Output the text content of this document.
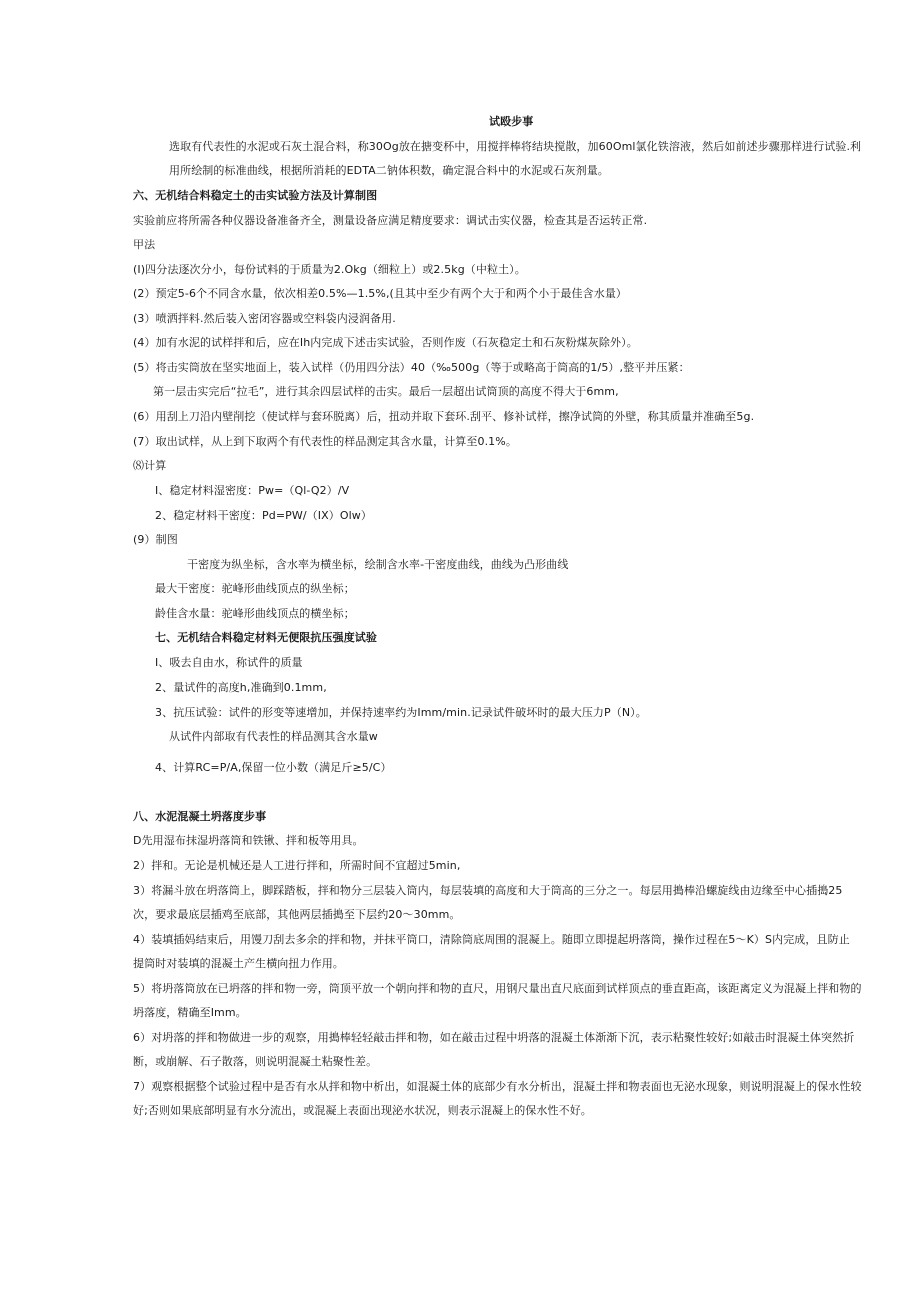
试殴步事
选取有代表性的水泥或石灰土混合料，称30Og放在搪变杯中，用搅拌棒将结块搅散，加60Oml氯化铁溶液，然后如前述步骤那样进行试验.利
用所绘制的标准曲线，根据所消耗的EDTA二钠体积数，确定混合料中的水泥或石灰剂量。
六、无机结合料稳定土的击实试验方法及计算制图
实验前应将所需各种仪器设备准备齐全，测量设备应满足精度要求：调试击实仪器，检查其是否运转正常.
甲法
(I)四分法逐次分小，每份试料的于质量为2.Okg（细粒上）或2.5kg（中粒土）。
(2）预定5-6个不同含水量，依次相差0.5%—1.5%,(且其中至少有两个大于和两个小于最佳含水量）
(3）喷洒拌料.然后装入密闭容器或空料袋内浸润备用.
(4）加有水泥的试样拌和后，应在Ih内完成下述击实试验，否则作废（石灰稳定土和石灰粉煤灰除外）。
(5）将击实筒放在坚实地面上，装入试样（仍用四分法）40（‰500g（等于或略高于筒高的1/5）,整平并压紧：
第一层击实完后“拉毛”，进行其余四层试样的击实。最后一层超出试筒顶的高度不得大于6mm,
(6）用刮上刀沿内壁削挖（使试样与套环脱离）后，扭动并取下套环.刮平、修补试样，擦净试筒的外壁，称其质量并准确至5g.
(7）取出试样，从上到下取两个有代表性的样品测定其含水量，计算至0.1%。
⑻计算
I、稳定材料湿密度：Pw=（Ql-Q2）/V
2、稳定材料干密度：Pd=PW/（IX）Olw）
(9）制图
干密度为纵坐标，含水率为横坐标，绘制含水率-干密度曲线，曲线为凸形曲线
最大干密度：驼峰形曲线顶点的纵坐标；
龄佳含水量：驼峰形曲线顶点的横坐标；
七、无机结合料稳定材料无便限抗压强度试验
I、吸去自由水，称试件的质量
2、量试件的高度h,准确到0.1mm,
3、抗压试验：试件的形变等速增加，并保持速率约为Imm∕min.记录试件破坏时的最大压力P（N）。
从试件内部取有代表性的样品测其含水量w
4、计算RC=P/A,保留一位小数（满足斤≥5/C）
八、水泥混凝土坍落度步事
D先用湿布抹湿坍落筒和铁锹、拌和板等用具。
2）拌和。无论是机械还是人工进行拌和，所需时间不宜超过5min,
3）将漏斗放在坍落筒上，脚踩踏板，拌和物分三层装入筒内，每层装填的高度和大于筒高的三分之一。每层用搗棒沿螺旋线由边缘至中心插搗25
次，要求最底层插鸡至底部，其他两层插搗至下层约20～30mm。
4）装填插妈结束后，用馒刀刮去多余的拌和物，并抹平筒口，清除筒底周围的混凝上。随即立即提起坍落筒，操作过程在5～K）S内完成，且防止
提筒时对装填的混凝土产生横向扭力作用。
5）将坍落筒放在已坍落的拌和物一旁，筒顶平放一个朝向拌和物的直尺，用钢尺量出直尺底面到试样顶点的垂直距高，该距离定义为混凝上拌和物的
坍落度，精确至Imm。
6）对坍落的拌和物做进一步的观察，用搗棒轻轻敲击拌和物，如在敲击过程中坍落的混凝土体渐渐下沉，表示粘聚性较好;如敲击时混凝土体突然折
断，或崩解、石子散落，则说明混凝土粘聚性差。
7）观察根据整个试验过程中是否有水从拌和物中析出，如混凝土体的底部少有水分析出，混凝土拌和物表面也无泌水现象，则说明混凝上的保水性较
好;否则如果底部明显有水分流出，或混凝上表面出现泌水状况，则表示混凝上的保水性不好。
